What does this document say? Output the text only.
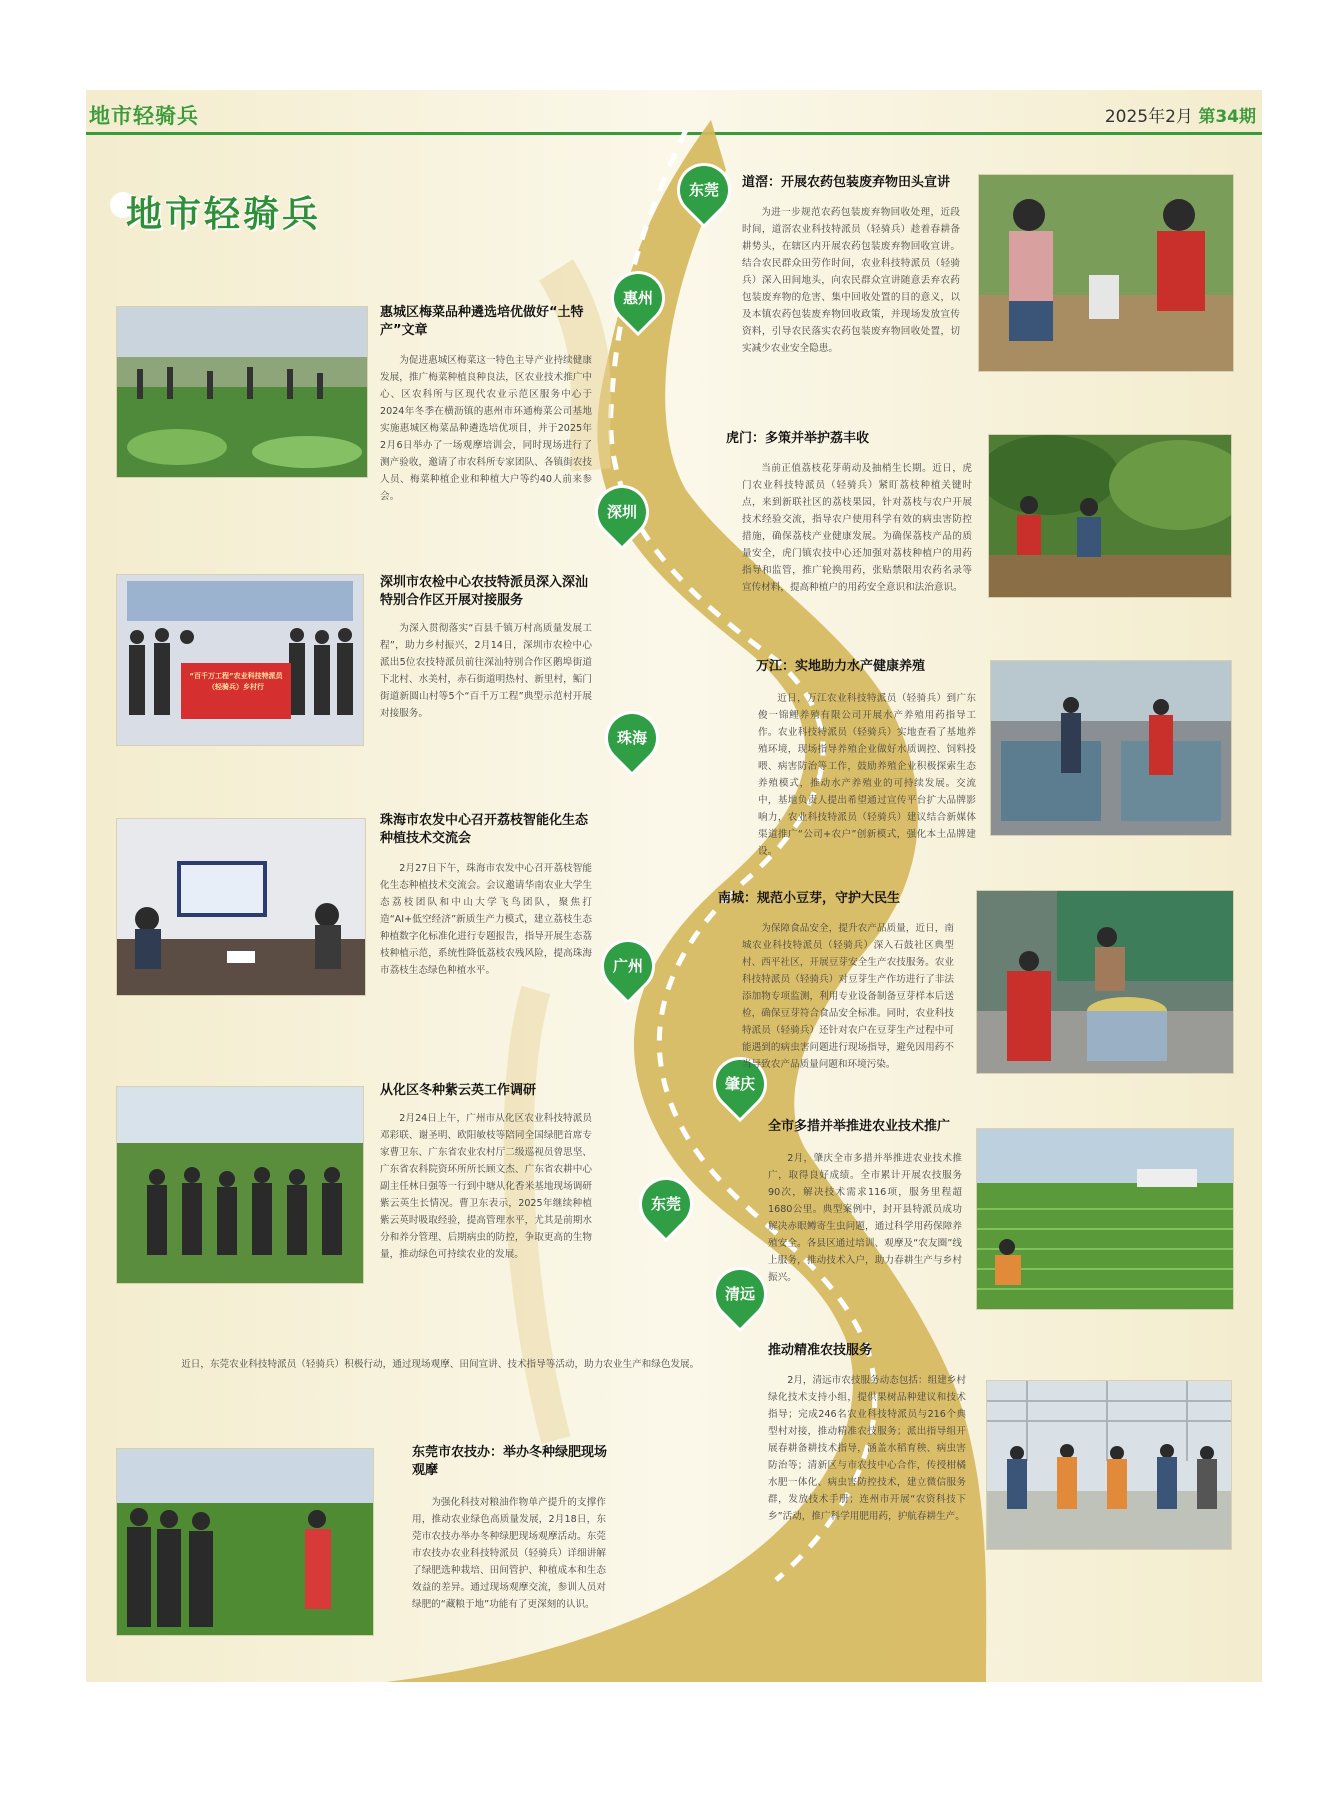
地市轻骑兵	2025年2月 第34期
地市轻骑兵
东莞
惠州
深圳
珠海
广州
肇庆
东莞
清远
惠城区梅菜品种遴选培优做好“土特产”文章
为促进惠城区梅菜这一特色主导产业持续健康发展，推广梅菜种植良种良法，区农业技术推广中心、区农科所与区现代农业示范区服务中心于2024年冬季在横沥镇的惠州市环通梅菜公司基地实施惠城区梅菜品种遴选培优项目，并于2025年2月6日举办了一场观摩培训会，同时现场进行了测产验收，邀请了市农科所专家团队、各镇街农技人员、梅菜种植企业和种植大户等约40人前来参会。
“百千万工程”农业科技特派员（轻骑兵）乡村行
深圳市农检中心农技特派员深入深汕特别合作区开展对接服务
为深入贯彻落实“百县千镇万村高质量发展工程”，助力乡村振兴，2月14日，深圳市农检中心派出5位农技特派员前往深汕特别合作区鹅埠街道下北村、水美村，赤石街道明热村、新里村，鲘门街道新圆山村等5个“百千万工程”典型示范村开展对接服务。
珠海市农发中心召开荔枝智能化生态种植技术交流会
2月27日下午，珠海市农发中心召开荔枝智能化生态种植技术交流会。会议邀请华南农业大学生态荔枝团队和中山大学飞鸟团队，聚焦打造“AI+低空经济”新质生产力模式，建立荔枝生态种植数字化标准化进行专题报告，指导开展生态荔枝种植示范，系统性降低荔枝农残风险，提高珠海市荔枝生态绿色种植水平。
从化区冬种紫云英工作调研
2月24日上午，广州市从化区农业科技特派员邓彩联、谢圣明、欧阳敏枝等陪同全国绿肥首席专家曹卫东、广东省农业农村厅二级巡视员曾思坚、广东省农科院资环所所长顾文杰、广东省农耕中心副主任林日强等一行到中塘从化香米基地现场调研紫云英生长情况。曹卫东表示，2025年继续种植紫云英时吸取经验，提高管理水平，尤其是前期水分和养分管理、后期病虫的防控，争取更高的生物量，推动绿色可持续农业的发展。
近日，东莞农业科技特派员（轻骑兵）积极行动，通过现场观摩、田间宣讲、技术指导等活动，助力农业生产和绿色发展。
东莞市农技办：举办冬种绿肥现场观摩
为强化科技对粮油作物单产提升的支撑作用，推动农业绿色高质量发展，2月18日，东莞市农技办举办冬种绿肥现场观摩活动。东莞市农技办农业科技特派员（轻骑兵）详细讲解了绿肥选种栽培、田间管护、种植成本和生态效益的差异。通过现场观摩交流，参训人员对绿肥的“藏粮于地”功能有了更深刻的认识。
道滘：开展农药包装废弃物田头宣讲
为进一步规范农药包装废弃物回收处理，近段时间，道滘农业科技特派员（轻骑兵）趁着春耕备耕势头，在辖区内开展农药包装废弃物回收宣讲。结合农民群众田劳作时间，农业科技特派员（轻骑兵）深入田间地头，向农民群众宣讲随意丢弃农药包装废弃物的危害、集中回收处置的目的意义，以及本镇农药包装废弃物回收政策，并现场发放宣传资料，引导农民落实农药包装废弃物回收处置，切实减少农业安全隐患。
虎门：多策并举护荔丰收
当前正值荔枝花芽萌动及抽梢生长期。近日，虎门农业科技特派员（轻骑兵）紧盯荔枝种植关键时点，来到新联社区的荔枝果园，针对荔枝与农户开展技术经验交流，指导农户使用科学有效的病虫害防控措施，确保荔枝产业健康发展。为确保荔枝产品的质量安全，虎门镇农技中心还加强对荔枝种植户的用药指导和监管，推广轮换用药，张贴禁限用农药名录等宣传材料，提高种植户的用药安全意识和法治意识。
万江：实地助力水产健康养殖
近日，万江农业科技特派员（轻骑兵）到广东俊一锦鲤养殖有限公司开展水产养殖用药指导工作。农业科技特派员（轻骑兵）实地查看了基地养殖环境，现场指导养殖企业做好水质调控、饲料投喂、病害防治等工作，鼓励养殖企业积极探索生态养殖模式，推动水产养殖业的可持续发展。交流中，基地负责人提出希望通过宣传平台扩大品牌影响力，农业科技特派员（轻骑兵）建议结合新媒体渠道推广“公司+农户”创新模式，强化本土品牌建设。
南城：规范小豆芽，守护大民生
为保障食品安全，提升农产品质量，近日，南城农业科技特派员（轻骑兵）深入石鼓社区典型村、西平社区，开展豆芽安全生产农技服务。农业科技特派员（轻骑兵）对豆芽生产作坊进行了非法添加物专项监测，利用专业设备制备豆芽样本后送检，确保豆芽符合食品安全标准。同时，农业科技特派员（轻骑兵）还针对农户在豆芽生产过程中可能遇到的病虫害问题进行现场指导，避免因用药不当导致农产品质量问题和环境污染。
全市多措并举推进农业技术推广
2月，肇庆全市多措并举推进农业技术推广，取得良好成绩。全市累计开展农技服务90次，解决技术需求116项，服务里程超1680公里。典型案例中，封开县特派员成功解决赤眼鳟寄生虫问题，通过科学用药保障养殖安全。各县区通过培训、观摩及“农友圈”线上服务，推动技术入户，助力春耕生产与乡村振兴。
推动精准农技服务
2月，清远市农技服务动态包括：组建乡村绿化技术支持小组，提供果树品种建议和技术指导；完成246名农业科技特派员与216个典型村对接，推动精准农技服务；派出指导组开展春耕备耕技术指导，涵盖水稻育秧、病虫害防治等；清新区与市农技中心合作，传授柑橘水肥一体化、病虫害防控技术，建立微信服务群，发放技术手册；连州市开展“农资科技下乡”活动，推广科学用肥用药，护航春耕生产。
